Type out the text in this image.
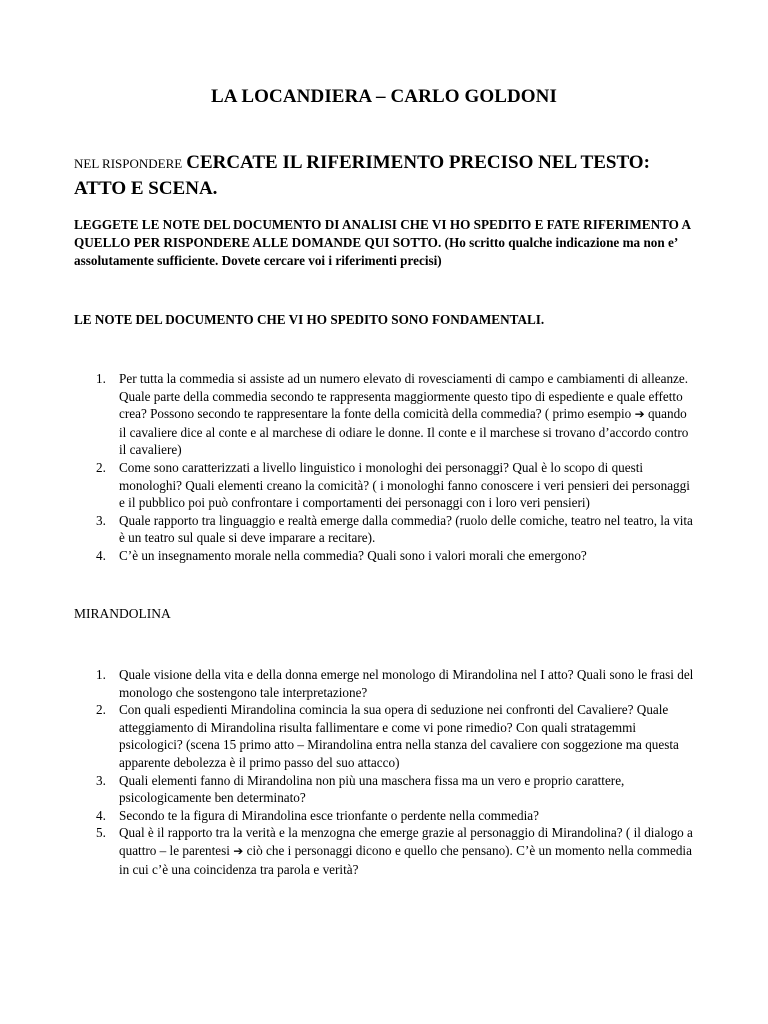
LA LOCANDIERA – CARLO GOLDONI
NEL RISPONDERE CERCATE IL RIFERIMENTO PRECISO NEL TESTO: ATTO E SCENA.
LEGGETE LE NOTE DEL DOCUMENTO DI ANALISI CHE VI HO SPEDITO E FATE RIFERIMENTO A QUELLO PER RISPONDERE ALLE DOMANDE QUI SOTTO. (Ho scritto qualche indicazione ma non e’ assolutamente sufficiente. Dovete cercare voi i riferimenti precisi)
LE NOTE DEL DOCUMENTO CHE VI HO SPEDITO SONO FONDAMENTALI.
1. Per tutta la commedia si assiste ad un numero elevato di rovesciamenti di campo e cambiamenti di alleanze. Quale parte della commedia secondo te rappresenta maggiormente questo tipo di espediente e quale effetto crea? Possono secondo te rappresentare la fonte della comicità della commedia? ( primo esempio ➔ quando il cavaliere dice al conte e al marchese di odiare le donne. Il conte e il marchese si trovano d’accordo contro il cavaliere)
2. Come sono caratterizzati a livello linguistico i monologhi dei personaggi? Qual è lo scopo di questi monologhi? Quali elementi creano la comicità? ( i monologhi fanno conoscere i veri pensieri dei personaggi e il pubblico poi può confrontare i comportamenti dei personaggi con i loro veri pensieri)
3. Quale rapporto tra linguaggio e realtà emerge dalla commedia? (ruolo delle comiche, teatro nel teatro, la vita è un teatro sul quale si deve imparare a recitare).
4. C’è un insegnamento morale nella commedia? Quali sono i valori morali che emergono?
MIRANDOLINA
1. Quale visione della vita e della donna emerge nel monologo di Mirandolina nel I atto? Quali sono le frasi del monologo che sostengono tale interpretazione?
2. Con quali espedienti Mirandolina comincia la sua opera di seduzione nei confronti del Cavaliere? Quale atteggiamento di Mirandolina risulta fallimentare e come vi pone rimedio? Con quali stratagemmi psicologici? (scena 15 primo atto – Mirandolina entra nella stanza del cavaliere con soggezione ma questa apparente debolezza è il primo passo del suo attacco)
3. Quali elementi fanno di Mirandolina non più una maschera fissa ma un vero e proprio carattere, psicologicamente ben determinato?
4. Secondo te la figura di Mirandolina esce trionfante o perdente nella commedia?
5. Qual è il rapporto tra la verità e la menzogna che emerge grazie al personaggio di Mirandolina? ( il dialogo a quattro – le parentesi ➔ ciò che i personaggi dicono e quello che pensano). C’è un momento nella commedia in cui c’è una coincidenza tra parola e verità?
